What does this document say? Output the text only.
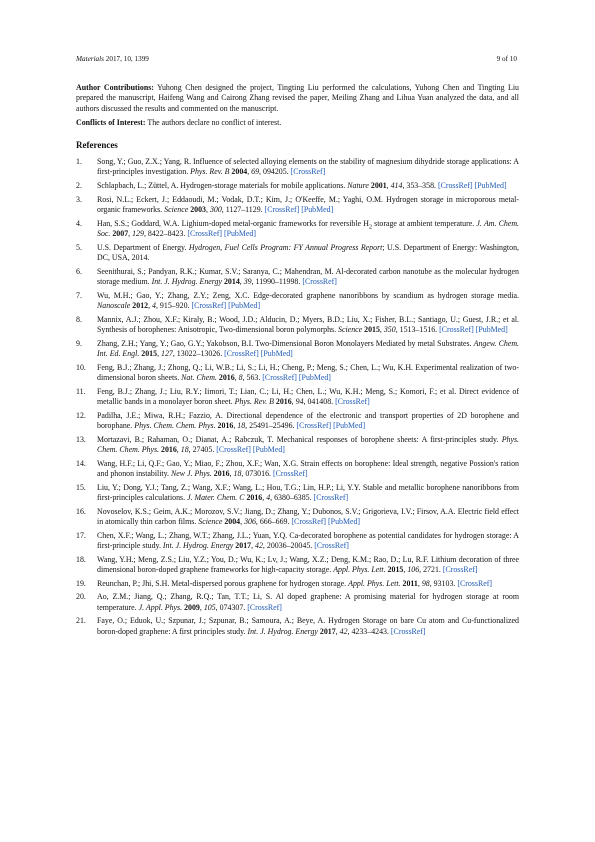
Materials 2017, 10, 1399	9 of 10

Author Contributions: Yuhong Chen designed the project, Tingting Liu performed the calculations, Yuhong Chen and Tingting Liu prepared the manuscript, Haifeng Wang and Cairong Zhang revised the paper, Meiling Zhang and Lihua Yuan analyzed the data, and all authors discussed the results and commented on the manuscript.

Conflicts of Interest: The authors declare no conflict of interest.

References
1.	Song, Y.; Guo, Z.X.; Yang, R. Influence of selected alloying elements on the stability of magnesium dihydride storage applications: A first-principles investigation. Phys. Rev. B 2004, 69, 094205. [CrossRef]
2.	Schlapbach, L.; Züttel, A. Hydrogen-storage materials for mobile applications. Nature 2001, 414, 353–358. [CrossRef] [PubMed]
3.	Rosi, N.L.; Eckert, J.; Eddaoudi, M.; Vodak, D.T.; Kim, J.; O'Keeffe, M.; Yaghi, O.M. Hydrogen storage in microporous metal-organic frameworks. Science 2003, 300, 1127–1129. [CrossRef] [PubMed]
4.	Han, S.S.; Goddard, W.A. Lighium-doped metal-organic frameworks for reversible $H_2$ storage at ambient temperature. J. Am. Chem. Soc. 2007, 129, 8422–8423. [CrossRef] [PubMed]
5.	U.S. Department of Energy. Hydrogen, Fuel Cells Program: FY Annual Progress Report; U.S. Department of Energy: Washington, DC, USA, 2014.
6.	Seenithurai, S.; Pandyan, R.K.; Kumar, S.V.; Saranya, C.; Mahendran, M. Al-decorated carbon nanotube as the molecular hydrogen storage medium. Int. J. Hydrog. Energy 2014, 39, 11990–11998. [CrossRef]
7.	Wu, M.H.; Gao, Y.; Zhang, Z.Y.; Zeng, X.C. Edge-decorated graphene nanoribbons by scandium as hydrogen storage media. Nanoscale 2012, 4, 915–920. [CrossRef] [PubMed]
8.	Mannix, A.J.; Zhou, X.F.; Kiraly, B.; Wood, J.D.; Alducin, D.; Myers, B.D.; Liu, X.; Fisher, B.L.; Santiago, U.; Guest, J.R.; et al. Synthesis of borophenes: Anisotropic, Two-dimensional boron polymorphs. Science 2015, 350, 1513–1516. [CrossRef] [PubMed]
9.	Zhang, Z.H.; Yang, Y.; Gao, G.Y.; Yakobson, B.I. Two-Dimensional Boron Monolayers Mediated by metal Substrates. Angew. Chem. Int. Ed. Engl. 2015, 127, 13022–13026. [CrossRef] [PubMed]
10.	Feng, B.J.; Zhang, J.; Zhong, Q.; Li, W.B.; Li, S.; Li, H.; Cheng, P.; Meng, S.; Chen, L.; Wu, K.H. Experimental realization of two-dimensional boron sheets. Nat. Chem. 2016, 8, 563. [CrossRef] [PubMed]
11.	Feng, B.J.; Zhang, J.; Liu, R.Y.; Iimori, T.; Lian, C.; Li, H.; Chen, L.; Wu, K.H.; Meng, S.; Komori, F.; et al. Direct evidence of metallic bands in a monolayer boron sheet. Phys. Rev. B 2016, 94, 041408. [CrossRef]
12.	Padilha, J.E.; Miwa, R.H.; Fazzio, A. Directional dependence of the electronic and transport properties of 2D borophene and borophane. Phys. Chem. Chem. Phys. 2016, 18, 25491–25496. [CrossRef] [PubMed]
13.	Mortazavi, B.; Rahaman, O.; Dianat, A.; Rabczuk, T. Mechanical responses of borophene sheets: A first-principles study. Phys. Chem. Chem. Phys. 2016, 18, 27405. [CrossRef] [PubMed]
14.	Wang, H.F.; Li, Q.F.; Gao, Y.; Miao, F.; Zhou, X.F.; Wan, X.G. Strain effects on borophene: Ideal strength, negative Possion's ration and phonon instability. New J. Phys. 2016, 18, 073016. [CrossRef]
15.	Liu, Y.; Dong, Y.J.; Tang, Z.; Wang, X.F.; Wang, L.; Hou, T.G.; Lin, H.P.; Li, Y.Y. Stable and metallic borophene nanoribbons from first-principles calculations. J. Mater. Chem. C 2016, 4, 6380–6385. [CrossRef]
16.	Novoselov, K.S.; Geim, A.K.; Morozov, S.V.; Jiang, D.; Zhang, Y.; Dubonos, S.V.; Grigorieva, I.V.; Firsov, A.A. Electric field effect in atomically thin carbon films. Science 2004, 306, 666–669. [CrossRef] [PubMed]
17.	Chen, X.F.; Wang, L.; Zhang, W.T.; Zhang, J.L.; Yuan, Y.Q. Ca-decorated borophene as potential candidates for hydrogen storage: A first-principle study. Int. J. Hydrog. Energy 2017, 42, 20036–20045. [CrossRef]
18.	Wang, Y.H.; Meng, Z.S.; Liu, Y.Z.; You, D.; Wu, K.; Lv, J.; Wang, X.Z.; Deng, K.M.; Rao, D.; Lu, R.F. Lithium decoration of three dimensional boron-doped graphene frameworks for high-capacity storage. Appl. Phys. Lett. 2015, 106, 2721. [CrossRef]
19.	Reunchan, P.; Jhi, S.H. Metal-dispersed porous graphene for hydrogen storage. Appl. Phys. Lett. 2011, 98, 93103. [CrossRef]
20.	Ao, Z.M.; Jiang, Q.; Zhang, R.Q.; Tan, T.T.; Li, S. Al doped graphene: A promising material for hydrogen storage at room temperature. J. Appl. Phys. 2009, 105, 074307. [CrossRef]
21.	Faye, O.; Eduok, U.; Szpunar, J.; Szpunar, B.; Samoura, A.; Beye, A. Hydrogen Storage on bare Cu atom and Cu-functionalized boron-doped graphene: A first principles study. Int. J. Hydrog. Energy 2017, 42, 4233–4243. [CrossRef]
